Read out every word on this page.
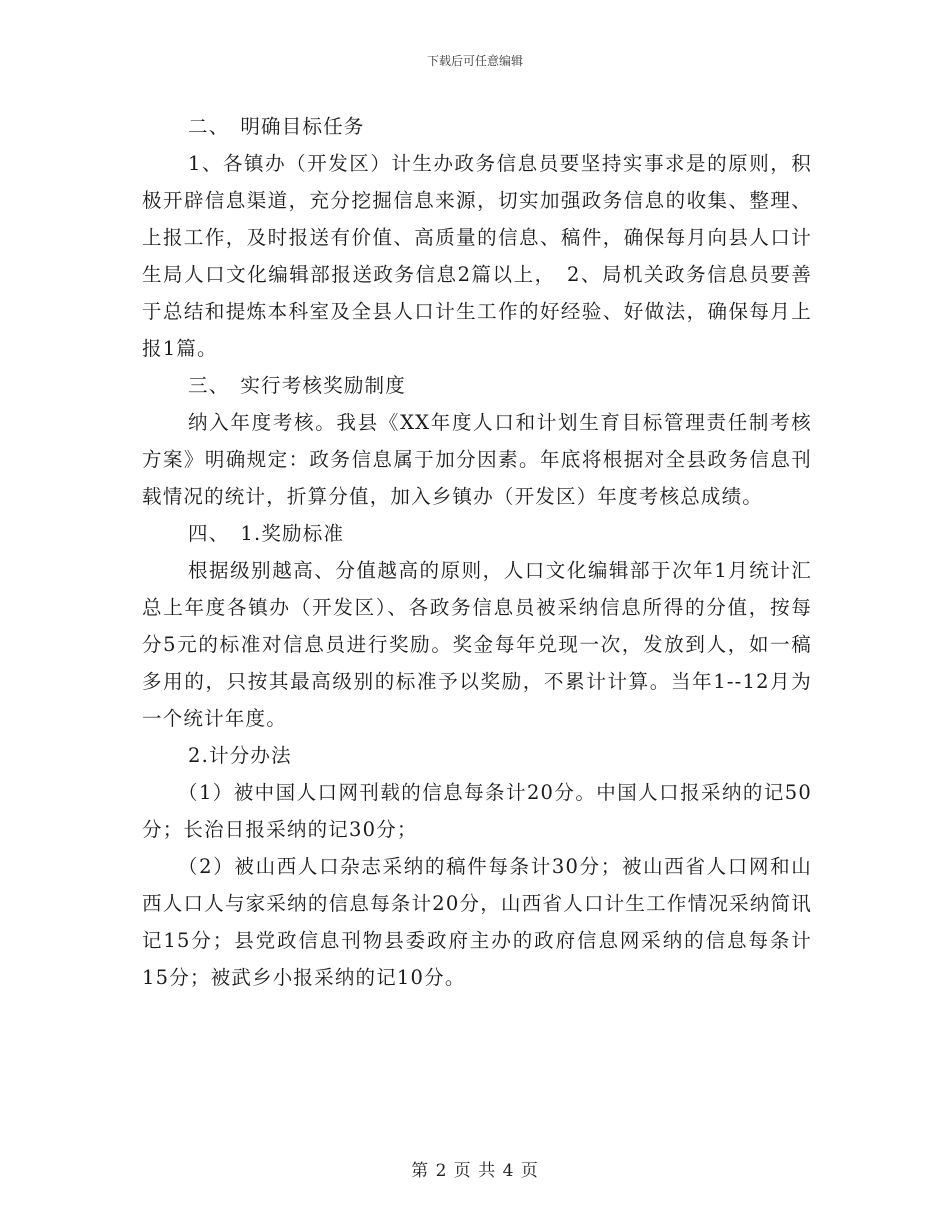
下载后可任意编辑

二、　明确目标任务

1、各镇办（开发区）计生办政务信息员要坚持实事求是的原则，积极开辟信息渠道，充分挖掘信息来源，切实加强政务信息的收集、整理、上报工作，及时报送有价值、高质量的信息、稿件，确保每月向县人口计生局人口文化编辑部报送政务信息2篇以上，　2、局机关政务信息员要善于总结和提炼本科室及全县人口计生工作的好经验、好做法，确保每月上报1篇。

三、　实行考核奖励制度

纳入年度考核。我县《XX年度人口和计划生育目标管理责任制考核方案》明确规定：政务信息属于加分因素。年底将根据对全县政务信息刊载情况的统计，折算分值，加入乡镇办（开发区）年度考核总成绩。

四、　1.奖励标准

根据级别越高、分值越高的原则，人口文化编辑部于次年1月统计汇总上年度各镇办（开发区）、各政务信息员被采纳信息所得的分值，按每分5元的标准对信息员进行奖励。奖金每年兑现一次，发放到人，如一稿多用的，只按其最高级别的标准予以奖励，不累计计算。当年1--12月为一个统计年度。

2.计分办法

（1）被中国人口网刊载的信息每条计20分。中国人口报采纳的记50分；长治日报采纳的记30分；

（2）被山西人口杂志采纳的稿件每条计30分；被山西省人口网和山西人口人与家采纳的信息每条计20分，山西省人口计生工作情况采纳简讯记15分；县党政信息刊物县委政府主办的政府信息网采纳的信息每条计15分；被武乡小报采纳的记10分。

第 2 页 共 4 页
